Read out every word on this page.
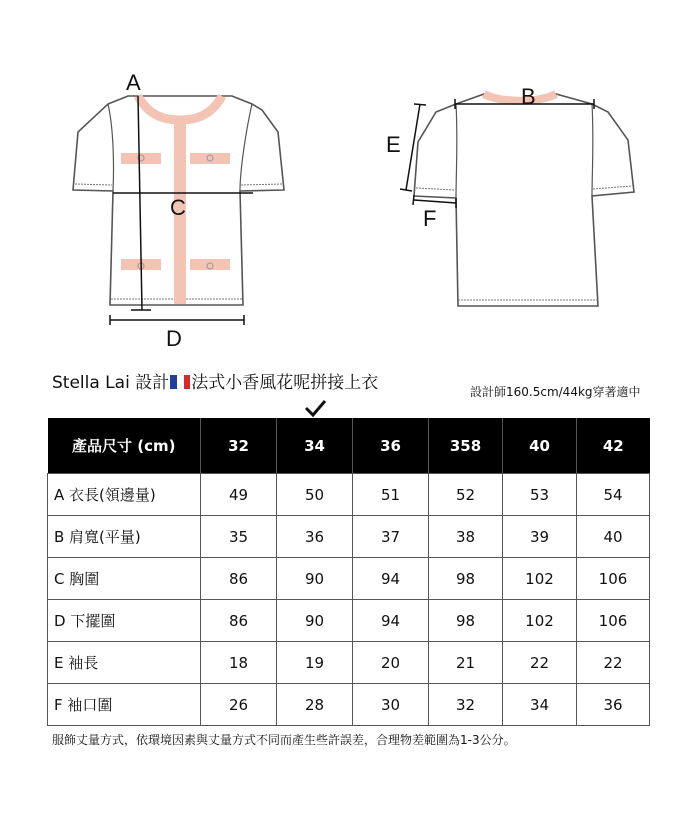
A
C
D
B
E
F
Stella Lai 設計 法式小香風花呢拼接上衣	設計師160.5cm/44kg穿著適中
產品尺寸 (cm)	32	34	36	358	40	42
A 衣長(領邊量)	49	50	51	52	53	54
B 肩寬(平量)	35	36	37	38	39	40
C 胸圍	86	90	94	98	102	106
D 下擺圍	86	90	94	98	102	106
E 袖長	18	19	20	21	22	22
F 袖口圍	26	28	30	32	34	36
服飾丈量方式，依環境因素與丈量方式不同而產生些許誤差，合理物差範圍為1-3公分。
